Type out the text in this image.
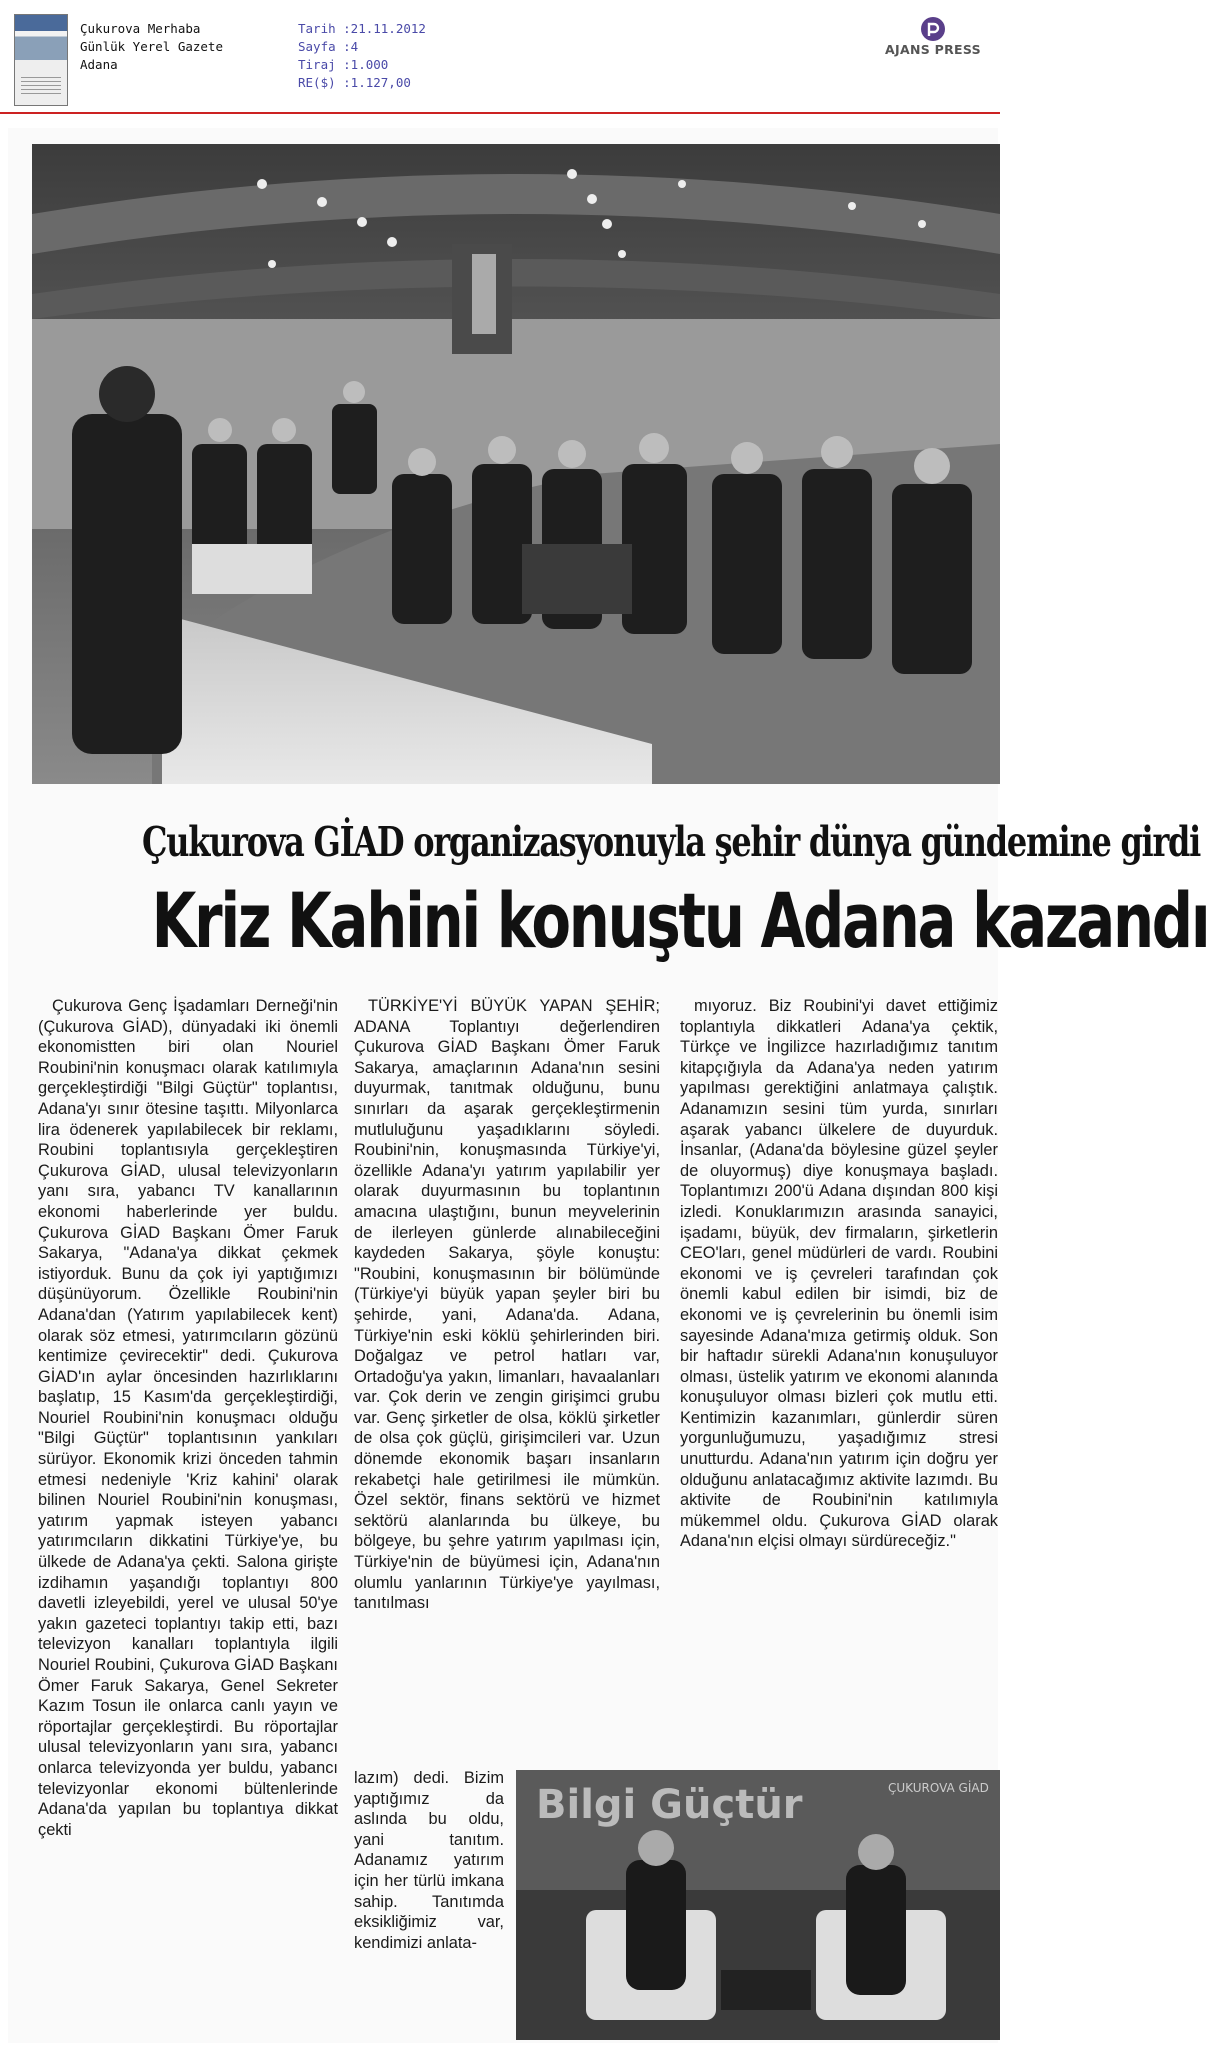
Çukurova Merhaba
Günlük Yerel Gazete
Adana
Tarih :21.11.2012
Sayfa :4
Tiraj :1.000
RE($) :1.127,00
AJANS PRESS
Çukurova GİAD organizasyonuyla şehir dünya gündemine girdi
Kriz Kahini konuştu Adana kazandı
Çukurova Genç İşadamları Derneği'nin (Çukurova GİAD), dünyadaki iki önemli ekonomistten biri olan Nouriel Roubini'nin konuşmacı olarak katılımıyla gerçekleştirdiği "Bilgi Güçtür" toplantısı, Adana'yı sınır ötesine taşıttı. Milyonlarca lira ödenerek yapılabilecek bir reklamı, Roubini toplantısıyla gerçekleştiren Çukurova GİAD, ulusal televizyonların yanı sıra, yabancı TV kanallarının ekonomi haberlerinde yer buldu. Çukurova GİAD Başkanı Ömer Faruk Sakarya, "Adana'ya dikkat çekmek istiyorduk. Bunu da çok iyi yaptığımızı düşünüyorum. Özellikle Roubini'nin Adana'dan (Yatırım yapılabilecek kent) olarak söz etmesi, yatırımcıların gözünü kentimize çevirecektir" dedi. Çukurova GİAD'ın aylar öncesinden hazırlıklarını başlatıp, 15 Kasım'da gerçekleştirdiği, Nouriel Roubini'nin konuşmacı olduğu "Bilgi Güçtür" toplantısının yankıları sürüyor. Ekonomik krizi önceden tahmin etmesi nedeniyle 'Kriz kahini' olarak bilinen Nouriel Roubini'nin konuşması, yatırım yapmak isteyen yabancı yatırımcıların dikkatini Türkiye'ye, bu ülkede de Adana'ya çekti. Salona girişte izdihamın yaşandığı toplantıyı 800 davetli izleyebildi, yerel ve ulusal 50'ye yakın gazeteci toplantıyı takip etti, bazı televizyon kanalları toplantıyla ilgili Nouriel Roubini, Çukurova GİAD Başkanı Ömer Faruk Sakarya, Genel Sekreter Kazım Tosun ile onlarca canlı yayın ve röportajlar gerçekleştirdi. Bu röportajlar ulusal televizyonların yanı sıra, yabancı onlarca televizyonda yer buldu, yabancı televizyonlar ekonomi bültenlerinde Adana'da yapılan bu toplantıya dikkat çekti
TÜRKİYE'Yİ BÜYÜK YAPAN ŞEHİR; ADANA Toplantıyı değerlendiren Çukurova GİAD Başkanı Ömer Faruk Sakarya, amaçlarının Adana'nın sesini duyurmak, tanıtmak olduğunu, bunu sınırları da aşarak gerçekleştirmenin mutluluğunu yaşadıklarını söyledi. Roubini'nin, konuşmasında Türkiye'yi, özellikle Adana'yı yatırım yapılabilir yer olarak duyurmasının bu toplantının amacına ulaştığını, bunun meyvelerinin de ilerleyen günlerde alınabileceğini kaydeden Sakarya, şöyle konuştu: "Roubini, konuşmasının bir bölümünde (Türkiye'yi büyük yapan şeyler biri bu şehirde, yani, Adana'da. Adana, Türkiye'nin eski köklü şehirlerinden biri. Doğalgaz ve petrol hatları var, Ortadoğu'ya yakın, limanları, havaalanları var. Çok derin ve zengin girişimci grubu var. Genç şirketler de olsa, köklü şirketler de olsa çok güçlü, girişimcileri var. Uzun dönemde ekonomik başarı insanların rekabetçi hale getirilmesi ile mümkün. Özel sektör, finans sektörü ve hizmet sektörü alanlarında bu ülkeye, bu bölgeye, bu şehre yatırım yapılması için, Türkiye'nin de büyümesi için, Adana'nın olumlu yanlarının Türkiye'ye yayılması, tanıtılması
lazım) dedi. Bizim yaptığımız da aslında bu oldu, yani tanıtım. Adanamız yatırım için her türlü imkana sahip. Tanıtımda eksikliğimiz var, kendimizi anlata-
mıyoruz. Biz Roubini'yi davet ettiğimiz toplantıyla dikkatleri Adana'ya çektik, Türkçe ve İngilizce hazırladığımız tanıtım kitapçığıyla da Adana'ya neden yatırım yapılması gerektiğini anlatmaya çalıştık. Adanamızın sesini tüm yurda, sınırları aşarak yabancı ülkelere de duyurduk. İnsanlar, (Adana'da böylesine güzel şeyler de oluyormuş) diye konuşmaya başladı. Toplantımızı 200'ü Adana dışından 800 kişi izledi. Konuklarımızın arasında sanayici, işadamı, büyük, dev firmaların, şirketlerin CEO'ları, genel müdürleri de vardı. Roubini ekonomi ve iş çevreleri tarafından çok önemli kabul edilen bir isimdi, biz de ekonomi ve iş çevrelerinin bu önemli isim sayesinde Adana'mıza getirmiş olduk. Son bir haftadır sürekli Adana'nın konuşuluyor olması, üstelik yatırım ve ekonomi alanında konuşuluyor olması bizleri çok mutlu etti. Kentimizin kazanımları, günlerdir süren yorgunluğumuzu, yaşadığımız stresi unutturdu. Adana'nın yatırım için doğru yer olduğunu anlatacağımız aktivite lazımdı. Bu aktivite de Roubini'nin katılımıyla mükemmel oldu. Çukurova GİAD olarak Adana'nın elçisi olmayı sürdüreceğiz."
Bilgi Güçtür	ÇUKUROVA GİAD
